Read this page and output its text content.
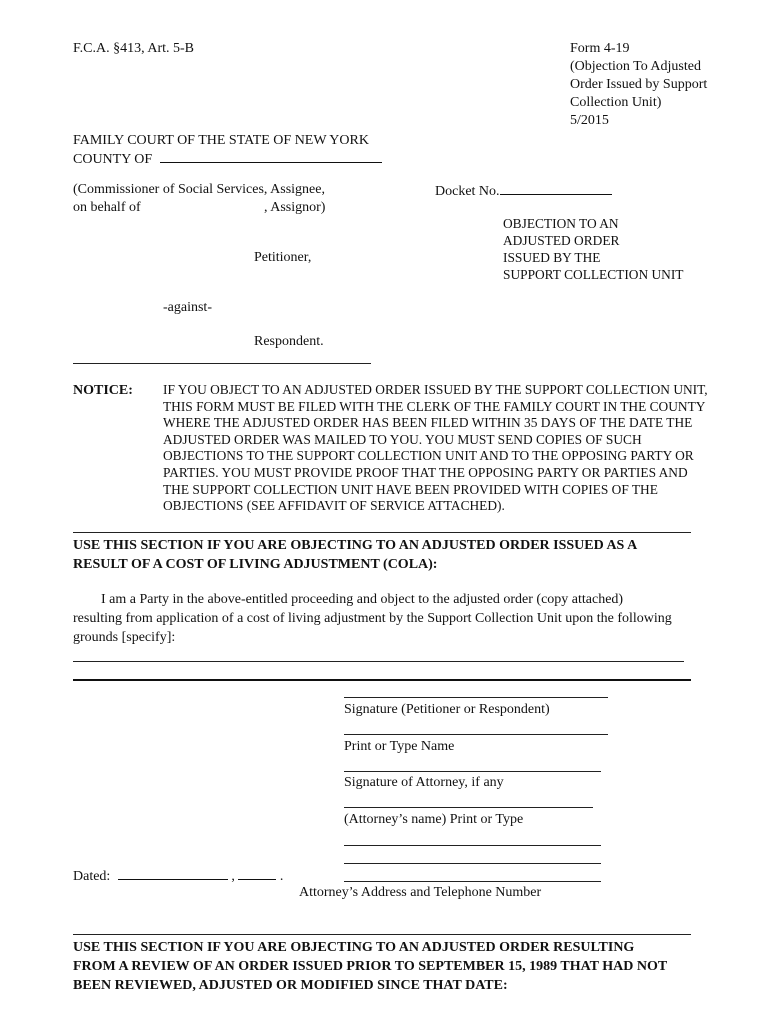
F.C.A. §413, Art. 5-B	Form 4-19
(Objection To Adjusted
Order Issued by Support
Collection Unit)
5/2015
FAMILY COURT OF THE STATE OF NEW YORK
COUNTY OF
(Commissioner of Social Services, Assignee,
on behalf of	, Assignor)
Docket No.
OBJECTION TO AN
ADJUSTED ORDER
ISSUED BY THE
SUPPORT COLLECTION UNIT
Petitioner,
-against-
Respondent.
NOTICE: IF YOU OBJECT TO AN ADJUSTED ORDER ISSUED BY THE SUPPORT COLLECTION UNIT,
THIS FORM MUST BE FILED WITH THE CLERK OF THE FAMILY COURT IN THE COUNTY
WHERE THE ADJUSTED ORDER HAS BEEN FILED WITHIN 35 DAYS OF THE DATE THE
ADJUSTED ORDER WAS MAILED TO YOU. YOU MUST SEND COPIES OF SUCH
OBJECTIONS TO THE SUPPORT COLLECTION UNIT AND TO THE OPPOSING PARTY OR
PARTIES. YOU MUST PROVIDE PROOF THAT THE OPPOSING PARTY OR PARTIES AND
THE SUPPORT COLLECTION UNIT HAVE BEEN PROVIDED WITH COPIES OF THE
OBJECTIONS (SEE AFFIDAVIT OF SERVICE ATTACHED).
USE THIS SECTION IF YOU ARE OBJECTING TO AN ADJUSTED ORDER ISSUED AS A
RESULT OF A COST OF LIVING ADJUSTMENT (COLA):
I am a Party in the above-entitled proceeding and object to the adjusted order (copy attached)
resulting from application of a cost of living adjustment by the Support Collection Unit upon the following
grounds [specify]:
Signature (Petitioner or Respondent)
Print or Type Name
Signature of Attorney, if any
(Attorney’s name) Print or Type
Dated:	,	.
Attorney’s Address and Telephone Number
USE THIS SECTION IF YOU ARE OBJECTING TO AN ADJUSTED ORDER RESULTING
FROM A REVIEW OF AN ORDER ISSUED PRIOR TO SEPTEMBER 15, 1989 THAT HAD NOT
BEEN REVIEWED, ADJUSTED OR MODIFIED SINCE THAT DATE:
